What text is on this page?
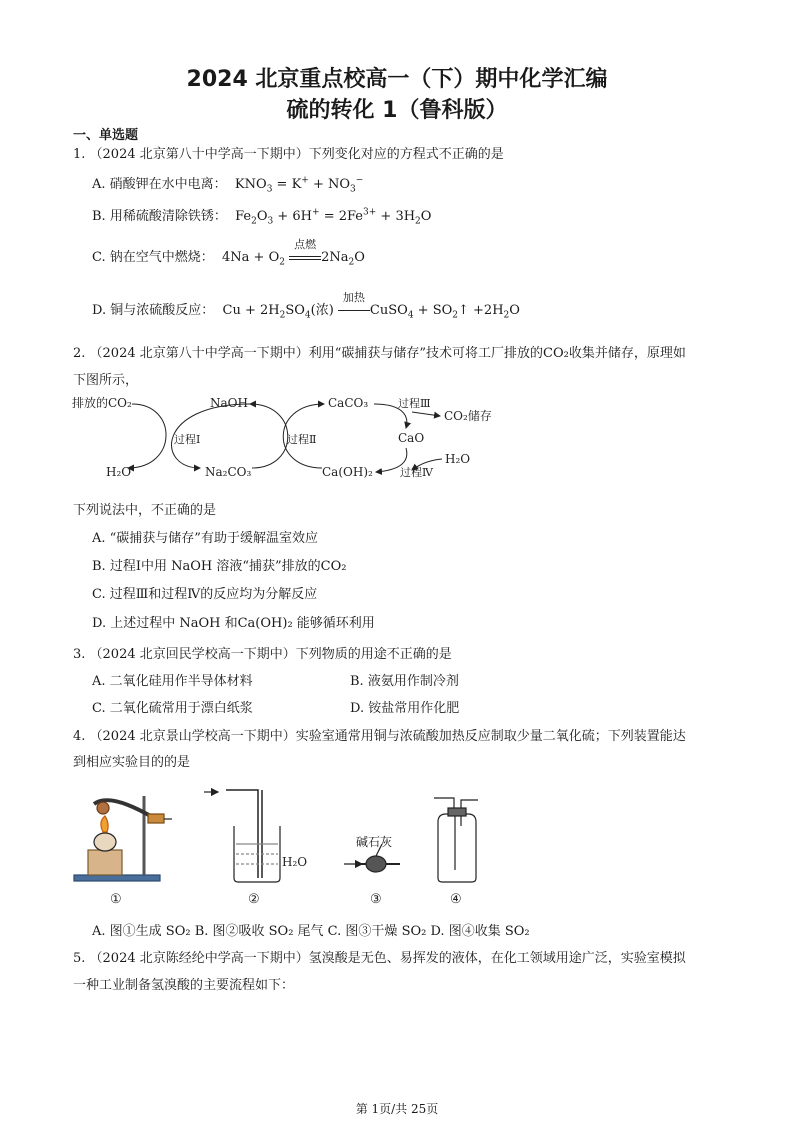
2024 北京重点校高一（下）期中化学汇编
硫的转化 1（鲁科版）
一、单选题
1. （2024 北京第八十中学高一下期中）下列变化对应的方程式不正确的是
A. 硝酸钾在水中电离：  $KNO_3 = K^+ + NO_3^-$
B. 用稀硫酸清除铁锈：  $Fe_2O_3 + 6H^+ = 2Fe^{3+} + 3H_2O$
C. 钠在空气中燃烧：  $4Na + O_2$
点燃
$2Na_2O$
D. 铜与浓硫酸反应：  $Cu + 2H_2SO_4$(浓)
加热
CuSO$_4$ + $SO_2↑ +2H_2O$
2. （2024 北京第八十中学高一下期中）利用“碳捕获与储存”技术可将工厂排放的CO₂收集并储存，原理如
下图所示，
排放的CO₂	NaOH	CaCO₃	过程Ⅲ
CO₂储存
过程Ⅰ	过程Ⅱ	CaO
H₂O	Na₂CO₃	Ca(OH)₂
H₂O
过程Ⅳ
下列说法中，不正确的是
A. “碳捕获与储存”有助于缓解温室效应
B. 过程Ⅰ中用 NaOH 溶液“捕获”排放的CO₂
C. 过程Ⅲ和过程Ⅳ的反应均为分解反应
D. 上述过程中 NaOH 和Ca(OH)₂ 能够循环利用
3. （2024 北京回民学校高一下期中）下列物质的用途不正确的是
A. 二氧化硅用作半导体材料	B. 液氨用作制冷剂
C. 二氧化硫常用于漂白纸浆	D. 铵盐常用作化肥
4. （2024 北京景山学校高一下期中）实验室通常用铜与浓硫酸加热反应制取少量二氧化硫；下列装置能达
到相应实验目的的是
①
H₂O
②
碱石灰
③	④
A. 图①生成 SO₂ B. 图②吸收 SO₂ 尾气 C. 图③干燥 SO₂ D. 图④收集 SO₂
5. （2024 北京陈经纶中学高一下期中）氢溴酸是无色、易挥发的液体，在化工领域用途广泛，实验室模拟
一种工业制备氢溴酸的主要流程如下：
第 1页/共 25页
